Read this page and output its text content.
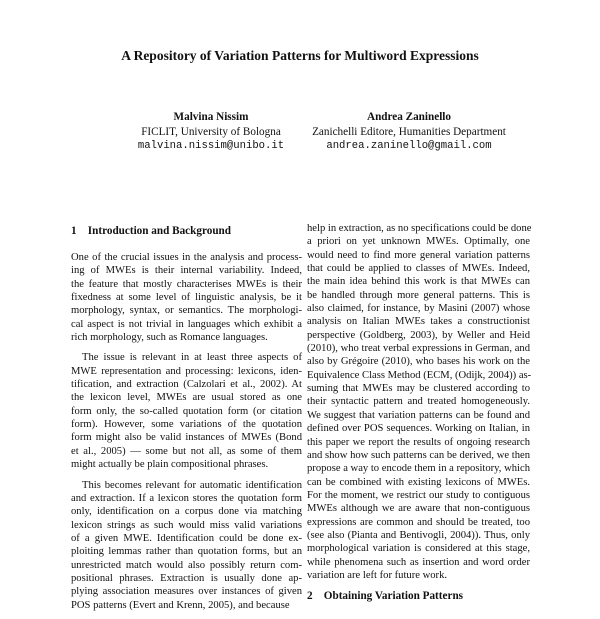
A Repository of Variation Patterns for Multiword Expressions
Malvina Nissim
FICLIT, University of Bologna
malvina.nissim@unibo.it
Andrea Zaninello
Zanichelli Editore, Humanities Department
andrea.zaninello@gmail.com
1 Introduction and Background

One of the crucial issues in the analysis and process-
ing of MWEs is their internal variability. Indeed,
the feature that mostly characterises MWEs is their
fixedness at some level of linguistic analysis, be it
morphology, syntax, or semantics. The morphologi-
cal aspect is not trivial in languages which exhibit a
rich morphology, such as Romance languages.

The issue is relevant in at least three aspects of
MWE representation and processing: lexicons, iden-
tification, and extraction (Calzolari et al., 2002). At
the lexicon level, MWEs are usual stored as one
form only, the so-called quotation form (or citation
form). However, some variations of the quotation
form might also be valid instances of MWEs (Bond
et al., 2005) — some but not all, as some of them
might actually be plain compositional phrases.

This becomes relevant for automatic identification
and extraction. If a lexicon stores the quotation form
only, identification on a corpus done via matching
lexicon strings as such would miss valid variations
of a given MWE. Identification could be done ex-
ploiting lemmas rather than quotation forms, but an
unrestricted match would also possibly return com-
positional phrases. Extraction is usually done ap-
plying association measures over instances of given
POS patterns (Evert and Krenn, 2005), and because

help in extraction, as no specifications could be done
a priori on yet unknown MWEs. Optimally, one
would need to find more general variation patterns
that could be applied to classes of MWEs. Indeed,
the main idea behind this work is that MWEs can
be handled through more general patterns. This is
also claimed, for instance, by Masini (2007) whose
analysis on Italian MWEs takes a constructionist
perspective (Goldberg, 2003), by Weller and Heid
(2010), who treat verbal expressions in German, and
also by Grégoire (2010), who bases his work on the
Equivalence Class Method (ECM, (Odijk, 2004)) as-
suming that MWEs may be clustered according to
their syntactic pattern and treated homogeneously.
We suggest that variation patterns can be found and
defined over POS sequences. Working on Italian, in
this paper we report the results of ongoing research
and show how such patterns can be derived, we then
propose a way to encode them in a repository, which
can be combined with existing lexicons of MWEs.
For the moment, we restrict our study to contiguous
MWEs although we are aware that non-contiguous
expressions are common and should be treated, too
(see also (Pianta and Bentivogli, 2004)). Thus, only
morphological variation is considered at this stage,
while phenomena such as insertion and word order
variation are left for future work.

2 Obtaining Variation Patterns
